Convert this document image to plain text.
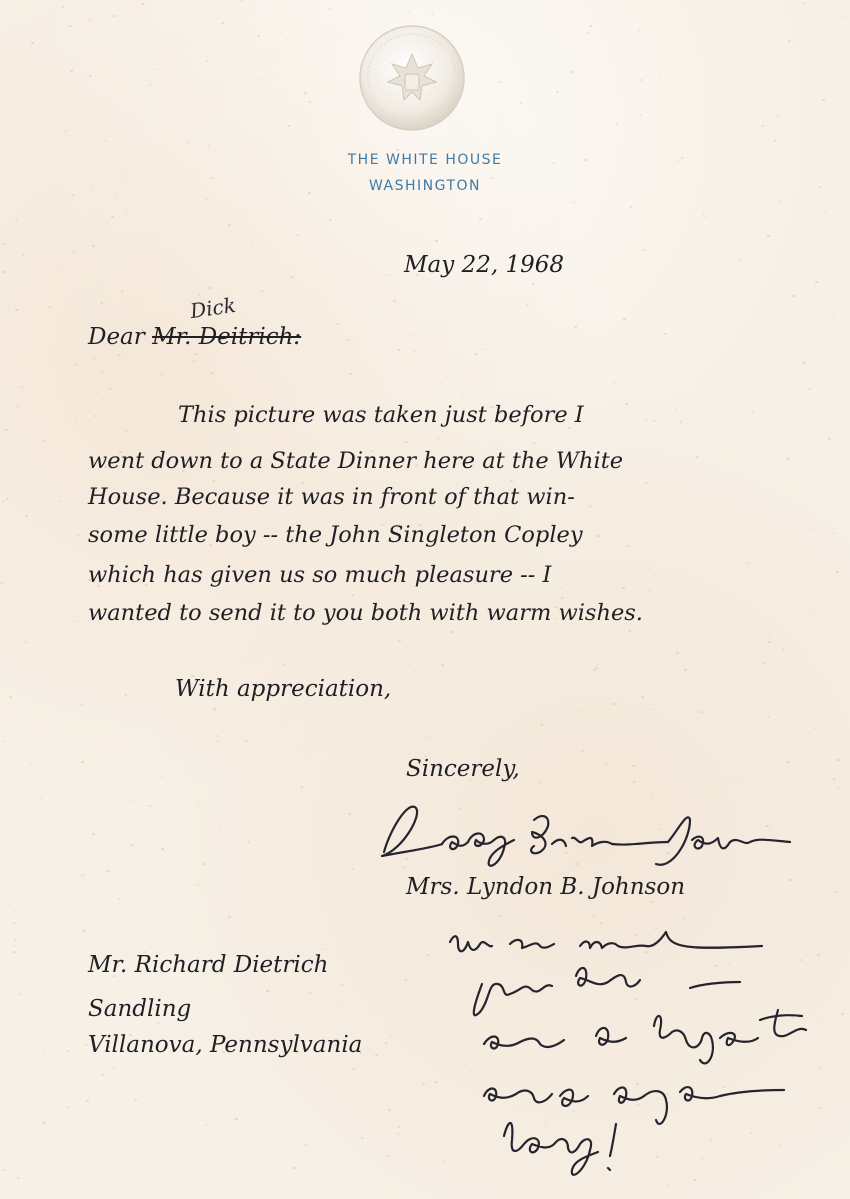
THE WHITE HOUSE
WASHINGTON
May 22, 1968
Dear Mr. Deitrich:
Dick
This picture was taken just before I
went down to a State Dinner here at the White
House. Because it was in front of that win-
some little boy -- the John Singleton Copley
which has given us so much pleasure -- I
wanted to send it to you both with warm wishes.
With appreciation,
Sincerely,
Mrs. Lyndon B. Johnson
Mr. Richard Dietrich
Sandling
Villanova, Pennsylvania
